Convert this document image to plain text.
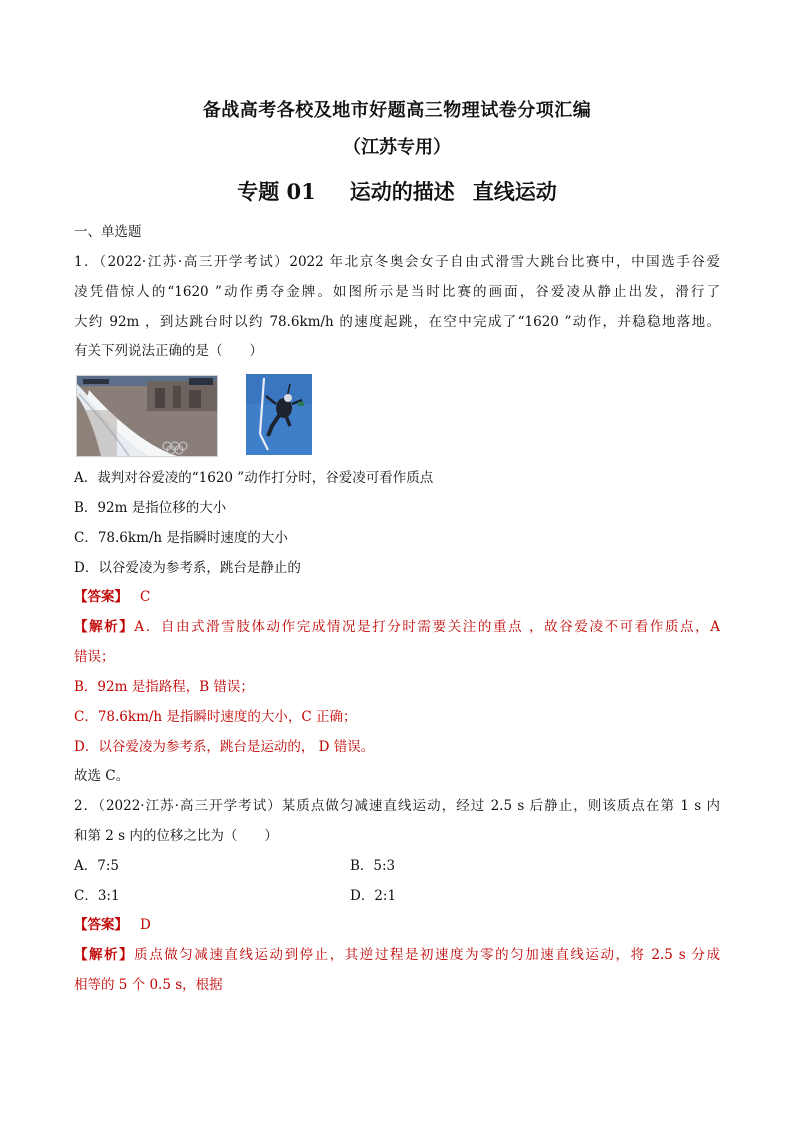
备战高考各校及地市好题高三物理试卷分项汇编
（江苏专用）
专题 01 运动的描述 直线运动
一、单选题
1．（2022·江苏·高三开学考试）2022 年北京冬奥会女子自由式滑雪大跳台比赛中，中国选手谷爱
凌凭借惊人的“1620 ”动作勇夺金牌。如图所示是当时比赛的画面，谷爱凌从静止出发，滑行了
大约 92m ，到达跳台时以约 78.6km/h 的速度起跳，在空中完成了“1620 ”动作，并稳稳地落地。
有关下列说法正确的是（　　）
A．裁判对谷爱凌的“1620 ”动作打分时，谷爱凌可看作质点
B．92m 是指位移的大小
C．78.6km/h 是指瞬时速度的大小
D．以谷爱凌为参考系，跳台是静止的
【答案】 C
【解析】A．自由式滑雪肢体动作完成情况是打分时需要关注的重点 ，故谷爱凌不可看作质点，A
错误；
B．92m 是指路程，B 错误；
C．78.6km/h 是指瞬时速度的大小，C 正确；
D．以谷爱凌为参考系，跳台是运动的， D 错误。
故选 C。
2．（2022·江苏·高三开学考试）某质点做匀减速直线运动，经过 2.5 s 后静止，则该质点在第 1 s 内
和第 2 s 内的位移之比为（　　）
A．7:5	B．5:3
C．3:1	D．2:1
【答案】 D
【解析】质点做匀减速直线运动到停止，其逆过程是初速度为零的匀加速直线运动，将 2.5 s 分成
相等的 5 个 0.5 s，根据
